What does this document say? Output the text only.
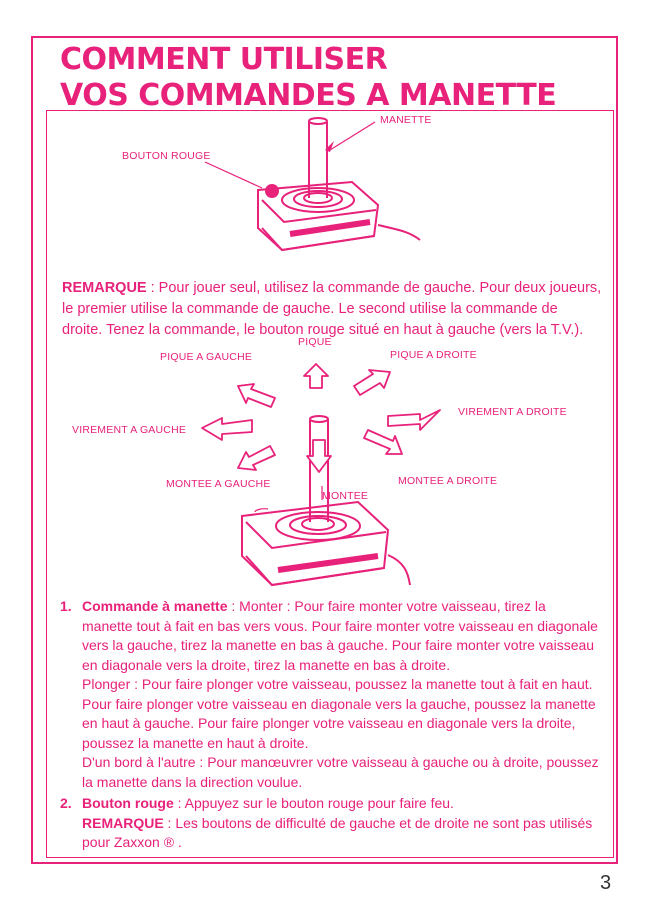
COMMENT UTILISER
VOS COMMANDES A MANETTE
MANETTE
BOUTON ROUGE

REMARQUE : Pour jouer seul, utilisez la commande de gauche. Pour deux joueurs, le premier utilise la commande de gauche. Le second utilise la commande de droite. Tenez la commande, le bouton rouge situé en haut à gauche (vers la T.V.).

PIQUE
PIQUE A GAUCHE	PIQUE A DROITE
VIREMENT A GAUCHE
VIREMENT A DROITE
MONTEE A GAUCHE	MONTEE A DROITE
MONTEE
1. Commande à manette : Monter : Pour faire monter votre vaisseau, tirez la manette tout à fait en bas vers vous. Pour faire monter votre vaisseau en diagonale vers la gauche, tirez la manette en bas à gauche. Pour faire monter votre vaisseau en diagonale vers la droite, tirez la manette en bas à droite.

Plonger : Pour faire plonger votre vaisseau, poussez la manette tout à fait en haut. Pour faire plonger votre vaisseau en diagonale vers la gauche, poussez la manette en haut à gauche. Pour faire plonger votre vaisseau en diagonale vers la droite, poussez la manette en haut à droite.

D'un bord à l'autre : Pour manœuvrer votre vaisseau à gauche ou à droite, poussez la manette dans la direction voulue.

2. Bouton rouge : Appuyez sur le bouton rouge pour faire feu.

REMARQUE : Les boutons de difficulté de gauche et de droite ne sont pas utilisés pour Zaxxon ® .

3
